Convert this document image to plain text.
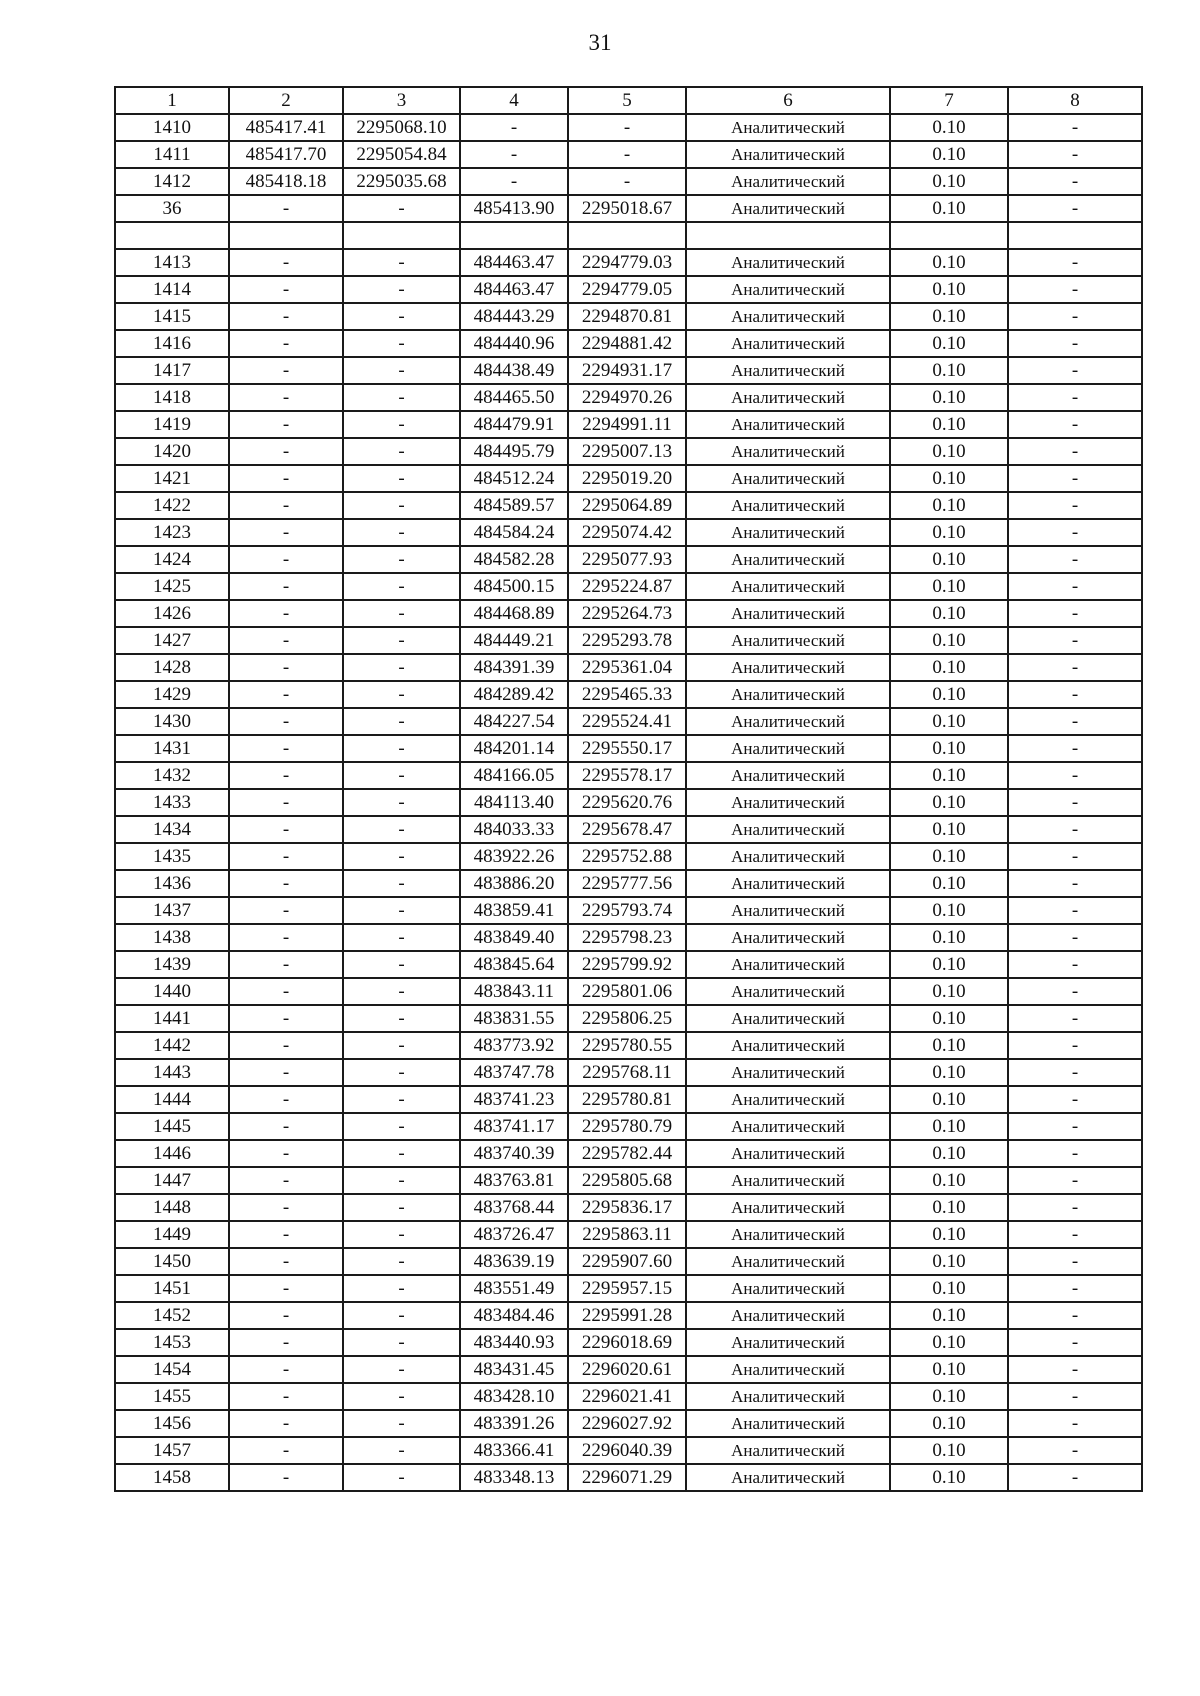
31
1	2	3	4	5	6	7	8
1410	485417.41	2295068.10	-	-	Аналитический	0.10	-
1411	485417.70	2295054.84	-	-	Аналитический	0.10	-
1412	485418.18	2295035.68	-	-	Аналитический	0.10	-
36	-	-	485413.90	2295018.67	Аналитический	0.10	-

1413	-	-	484463.47	2294779.03	Аналитический	0.10	-
1414	-	-	484463.47	2294779.05	Аналитический	0.10	-
1415	-	-	484443.29	2294870.81	Аналитический	0.10	-
1416	-	-	484440.96	2294881.42	Аналитический	0.10	-
1417	-	-	484438.49	2294931.17	Аналитический	0.10	-
1418	-	-	484465.50	2294970.26	Аналитический	0.10	-
1419	-	-	484479.91	2294991.11	Аналитический	0.10	-
1420	-	-	484495.79	2295007.13	Аналитический	0.10	-
1421	-	-	484512.24	2295019.20	Аналитический	0.10	-
1422	-	-	484589.57	2295064.89	Аналитический	0.10	-
1423	-	-	484584.24	2295074.42	Аналитический	0.10	-
1424	-	-	484582.28	2295077.93	Аналитический	0.10	-
1425	-	-	484500.15	2295224.87	Аналитический	0.10	-
1426	-	-	484468.89	2295264.73	Аналитический	0.10	-
1427	-	-	484449.21	2295293.78	Аналитический	0.10	-
1428	-	-	484391.39	2295361.04	Аналитический	0.10	-
1429	-	-	484289.42	2295465.33	Аналитический	0.10	-
1430	-	-	484227.54	2295524.41	Аналитический	0.10	-
1431	-	-	484201.14	2295550.17	Аналитический	0.10	-
1432	-	-	484166.05	2295578.17	Аналитический	0.10	-
1433	-	-	484113.40	2295620.76	Аналитический	0.10	-
1434	-	-	484033.33	2295678.47	Аналитический	0.10	-
1435	-	-	483922.26	2295752.88	Аналитический	0.10	-
1436	-	-	483886.20	2295777.56	Аналитический	0.10	-
1437	-	-	483859.41	2295793.74	Аналитический	0.10	-
1438	-	-	483849.40	2295798.23	Аналитический	0.10	-
1439	-	-	483845.64	2295799.92	Аналитический	0.10	-
1440	-	-	483843.11	2295801.06	Аналитический	0.10	-
1441	-	-	483831.55	2295806.25	Аналитический	0.10	-
1442	-	-	483773.92	2295780.55	Аналитический	0.10	-
1443	-	-	483747.78	2295768.11	Аналитический	0.10	-
1444	-	-	483741.23	2295780.81	Аналитический	0.10	-
1445	-	-	483741.17	2295780.79	Аналитический	0.10	-
1446	-	-	483740.39	2295782.44	Аналитический	0.10	-
1447	-	-	483763.81	2295805.68	Аналитический	0.10	-
1448	-	-	483768.44	2295836.17	Аналитический	0.10	-
1449	-	-	483726.47	2295863.11	Аналитический	0.10	-
1450	-	-	483639.19	2295907.60	Аналитический	0.10	-
1451	-	-	483551.49	2295957.15	Аналитический	0.10	-
1452	-	-	483484.46	2295991.28	Аналитический	0.10	-
1453	-	-	483440.93	2296018.69	Аналитический	0.10	-
1454	-	-	483431.45	2296020.61	Аналитический	0.10	-
1455	-	-	483428.10	2296021.41	Аналитический	0.10	-
1456	-	-	483391.26	2296027.92	Аналитический	0.10	-
1457	-	-	483366.41	2296040.39	Аналитический	0.10	-
1458	-	-	483348.13	2296071.29	Аналитический	0.10	-
